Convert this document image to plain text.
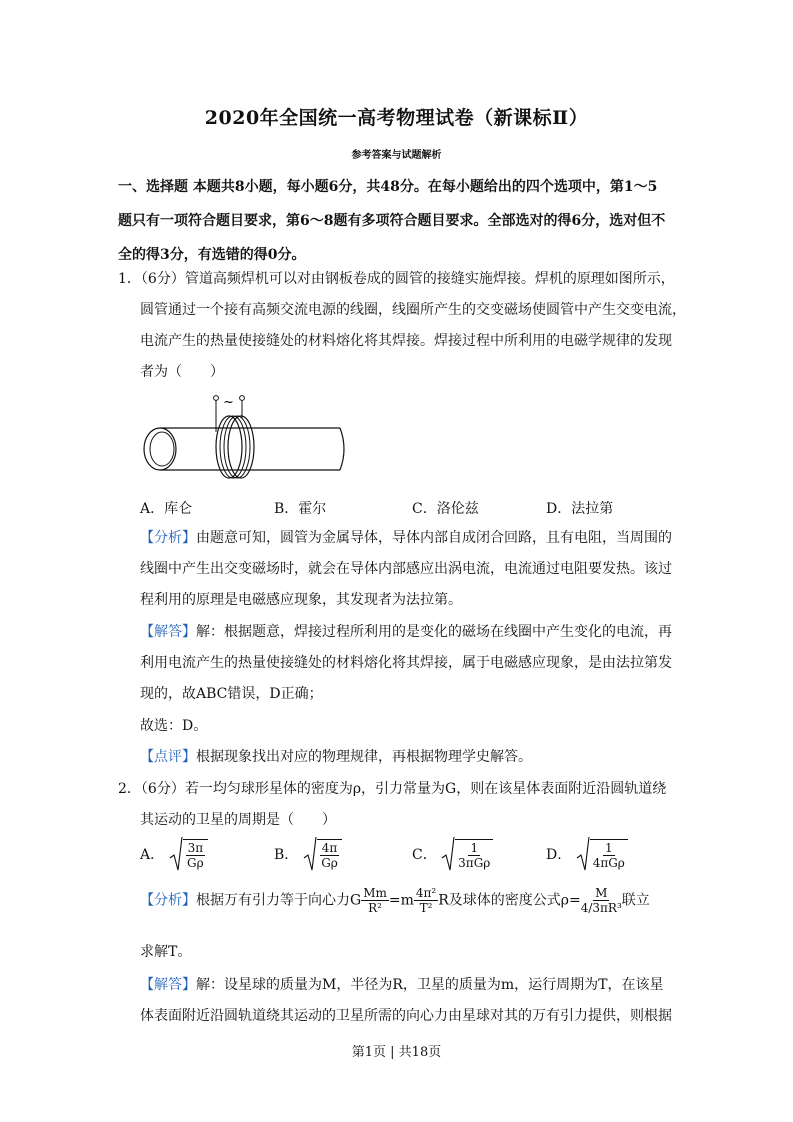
2020年全国统一高考物理试卷（新课标Ⅱ）
参考答案与试题解析
一、选择题 本题共8小题，每小题6分，共48分。在每小题给出的四个选项中，第1～5
题只有一项符合题目要求，第6～8题有多项符合题目要求。全部选对的得6分，选对但不
全的得3分，有选错的得0分。
1．（6分）管道高频焊机可以对由钢板卷成的圆管的接缝实施焊接。焊机的原理如图所示，
圆管通过一个接有高频交流电源的线圈，线圈所产生的交变磁场使圆管中产生交变电流，
电流产生的热量使接缝处的材料熔化将其焊接。焊接过程中所利用的电磁学规律的发现
者为（　　）
~
A．库仑	B．霍尔	C．洛伦兹	D．法拉第
【分析】由题意可知，圆管为金属导体，导体内部自成闭合回路，且有电阻，当周围的
线圈中产生出交变磁场时，就会在导体内部感应出涡电流，电流通过电阻要发热。该过
程利用的原理是电磁感应现象，其发现者为法拉第。
【解答】解：根据题意，焊接过程所利用的是变化的磁场在线圈中产生变化的电流，再
利用电流产生的热量使接缝处的材料熔化将其焊接，属于电磁感应现象，是由法拉第发
现的，故ABC错误，D正确；
故选：D。
【点评】根据现象找出对应的物理规律，再根据物理学史解答。
2．（6分）若一均匀球形星体的密度为ρ，引力常量为G，则在该星体表面附近沿圆轨道绕
其运动的卫星的周期是（　　）
A． $\frac{3\pi}{G\rho}$	B． $\frac{4\pi}{G\rho}$	C． $\frac{1}{\text{3πGρ}}$	D． $\frac{1}{\text{4πGρ}}$
【分析】根据万有引力等于向心力G $\frac{Mm}{\text{R²}} =m \frac{\text{4π²}}{\text{T²}}$ R及球体的密度公式$\rho= \frac{M}{\text{4/3πR³}}$ 联立
求解T。
【解答】解：设星球的质量为M，半径为R，卫星的质量为m，运行周期为T，在该星
体表面附近沿圆轨道绕其运动的卫星所需的向心力由星球对其的万有引力提供，则根据
第1页 | 共18页
